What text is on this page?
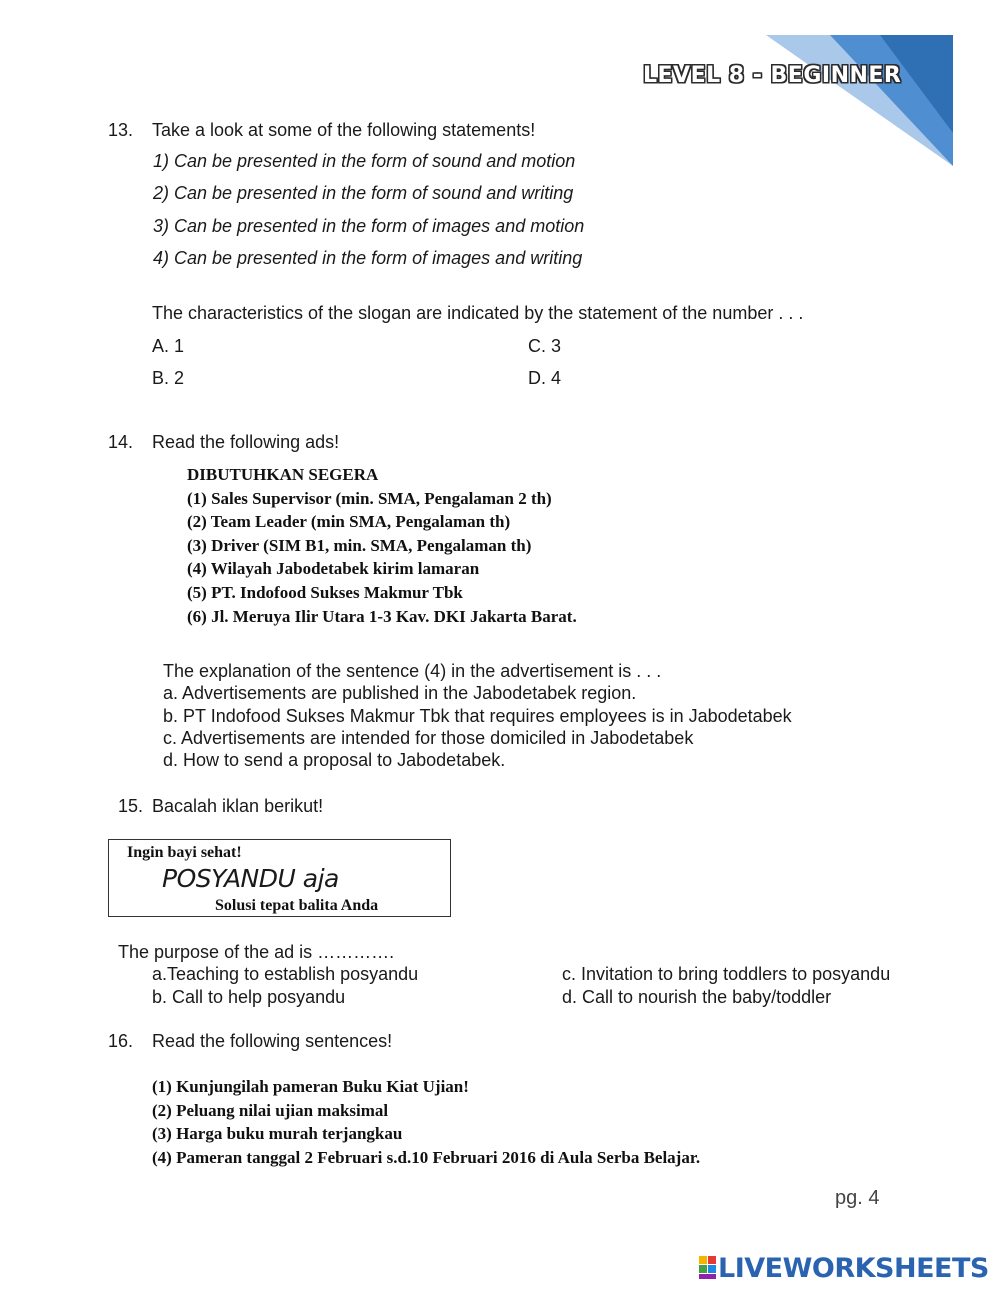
LEVEL 8 - BEGINNER
13. Take a look at some of the following statements!
1) Can be presented in the form of sound and motion
2) Can be presented in the form of sound and writing
3) Can be presented in the form of images and motion
4) Can be presented in the form of images and writing
The characteristics of the slogan are indicated by the statement of the number . . .
A. 1	C. 3
B. 2	D. 4
14. Read the following ads!
DIBUTUHKAN SEGERA
(1) Sales Supervisor (min. SMA, Pengalaman 2 th)
(2) Team Leader (min SMA, Pengalaman th)
(3) Driver (SIM B1, min. SMA, Pengalaman th)
(4) Wilayah Jabodetabek kirim lamaran
(5) PT. Indofood Sukses Makmur Tbk
(6) Jl. Meruya Ilir Utara 1-3 Kav. DKI Jakarta Barat.
The explanation of the sentence (4) in the advertisement is . . .
a. Advertisements are published in the Jabodetabek region.
b. PT Indofood Sukses Makmur Tbk that requires employees is in Jabodetabek
c. Advertisements are intended for those domiciled in Jabodetabek
d. How to send a proposal to Jabodetabek.
15. Bacalah iklan berikut!
Ingin bayi sehat!
POSYANDU aja
Solusi tepat balita Anda
The purpose of the ad is ………….
a.Teaching to establish posyandu	c. Invitation to bring toddlers to posyandu
b. Call to help posyandu	d. Call to nourish the baby/toddler
16. Read the following sentences!
(1) Kunjungilah pameran Buku Kiat Ujian!
(2) Peluang nilai ujian maksimal
(3) Harga buku murah terjangkau
(4) Pameran tanggal 2 Februari s.d.10 Februari 2016 di Aula Serba Belajar.
pg. 4
LIVEWORKSHEETS
